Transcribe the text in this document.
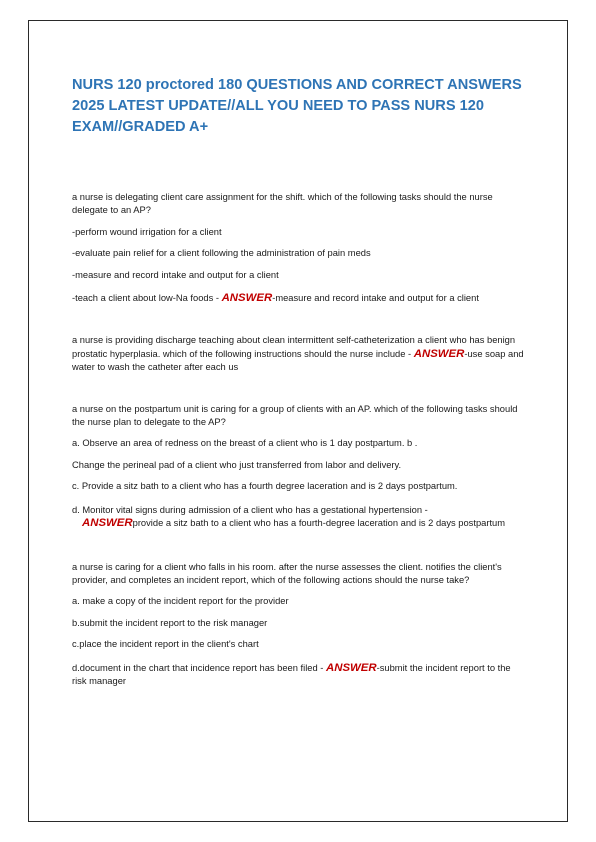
NURS 120 proctored 180 QUESTIONS AND CORRECT ANSWERS 2025 LATEST UPDATE//ALL YOU NEED TO PASS NURS 120 EXAM//GRADED A+

a nurse is delegating client care assignment for the shift. which of the following tasks should the nurse delegate to an AP?

-perform wound irrigation for a client

-evaluate pain relief for a client following the administration of pain meds

-measure and record intake and output for a client

-teach a client about low-Na foods - ANSWER-measure and record intake and output for a client

a nurse is providing discharge teaching about clean intermittent self-catheterization a client who has benign prostatic hyperplasia. which of the following instructions should the nurse include - ANSWER-use soap and water to wash the catheter after each us

a nurse on the postpartum unit is caring for a group of clients with an AP. which of the following tasks should the nurse plan to delegate to the AP?

a. Observe an area of redness on the breast of a client who is 1 day postpartum. b .

Change the perineal pad of a client who just transferred from labor and delivery.

c. Provide a sitz bath to a client who has a fourth degree laceration and is 2 days postpartum.

d. Monitor vital signs during admission of a client who has a gestational hypertension -

ANSWERprovide a sitz bath to a client who has a fourth-degree laceration and is 2 days postpartum

a nurse is caring for a client who falls in his room. after the nurse assesses the client. notifies the client's provider, and completes an incident report, which of the following actions should the nurse take?

a. make a copy of the incident report for the provider

b.submit the incident report to the risk manager

c.place the incident report in the client's chart

d.document in the chart that incidence report has been filed - ANSWER-submit the incident report to the risk manager
